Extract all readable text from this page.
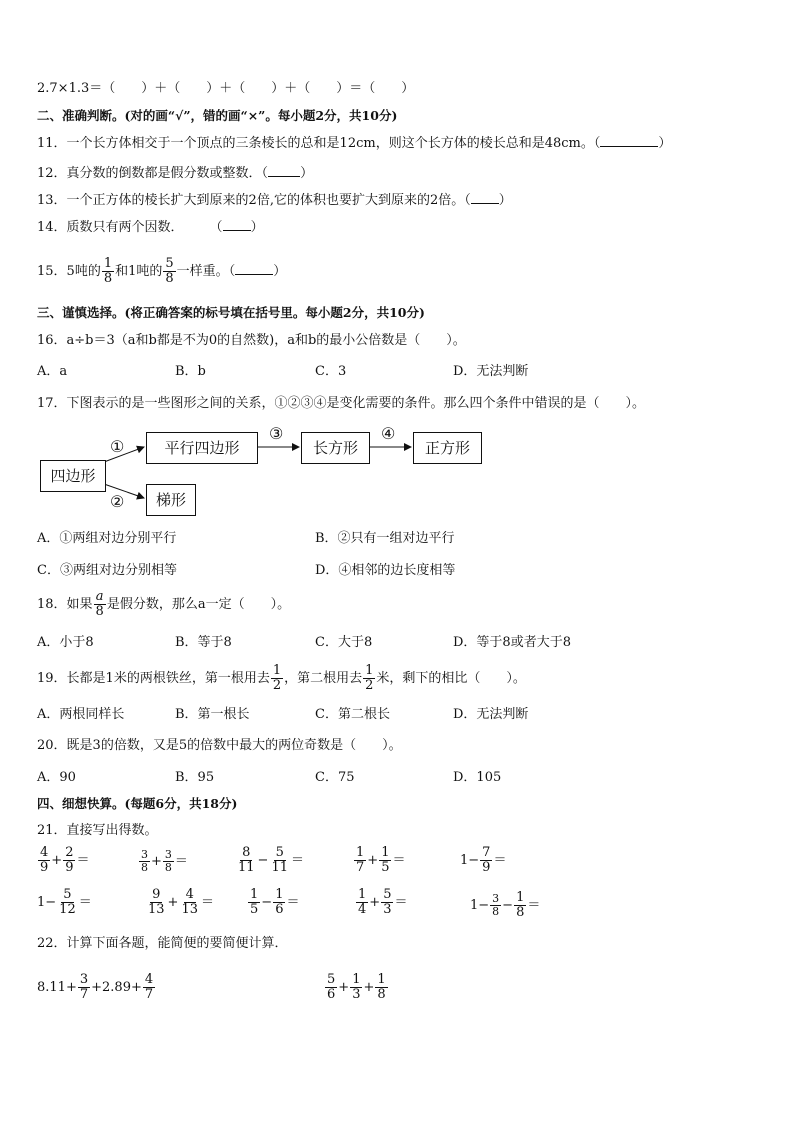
2.7×1.3＝（　　）＋（　　）＋（　　）＋（　　）＝（　　）
二、准确判断。(对的画“√”，错的画“×”。每小题2分，共10分)
11．一个长方体相交于一个顶点的三条棱长的总和是12cm，则这个长方体的棱长总和是48cm。（	）
12．真分数的倒数都是假分数或整数．（ ）
13．一个正方体的棱长扩大到原来的2倍,它的体积也要扩大到原来的2倍。（ ）
14．质数只有两个因数．  （ ）
15．5吨的 $\frac{1}{8}$ 和1吨的 $\frac{5}{8}$ 一样重。（	）
三、谨慎选择。(将正确答案的标号填在括号里。每小题2分，共10分)
16．a÷b＝3（a和b都是不为0的自然数)，a和b的最小公倍数是（　　）。
A．a	B．b	C．3	D．无法判断
17．下图表示的是一些图形之间的关系，①②③④是变化需要的条件。那么四个条件中错误的是（　　）。
四边形
平行四边形	长方形	正方形
梯形
①
②
③	④
A．①两组对边分别平行	B．②只有一组对边平行
C．③两组对边分别相等	D．④相邻的边长度相等
18．如果 $\frac{a}{8}$ 是假分数，那么a一定（　　）。
A．小于8	B．等于8	C．大于8	D．等于8或者大于8
19．长都是1米的两根铁丝，第一根用去 $\frac{1}{2}$ ，第二根用去 $\frac{1}{2}$ 米，剩下的相比（　　）。
A．两根同样长	B．第一根长	C．第二根长	D．无法判断
20．既是3的倍数，又是5的倍数中最大的两位奇数是（　　）。
A．90	B．95	C．75	D．105
四、细想快算。(每题6分，共18分)
21．直接写出得数。
$\frac{4}{9} + \frac{2}{9}$ ＝	$\frac{3}{8} + \frac{3}{8}$ ＝	$\frac{8}{11} - \frac{5}{11}$ ＝	$\frac{1}{7} + \frac{1}{5}$ ＝	$1- \frac{7}{9}$ ＝
$1- \frac{5}{12}$ ＝	$\frac{9}{13} + \frac{4}{13}$ ＝	$\frac{1}{5} - \frac{1}{6}$ ＝	$\frac{1}{4} + \frac{5}{3}$ ＝	$1- \frac{3}{8} - \frac{1}{8}$ ＝
22．计算下面各题，能简便的要简便计算．
$8.11+ \frac{3}{7} +2.89+ \frac{4}{7}$	$\frac{5}{6} + \frac{1}{3} + \frac{1}{8}$
